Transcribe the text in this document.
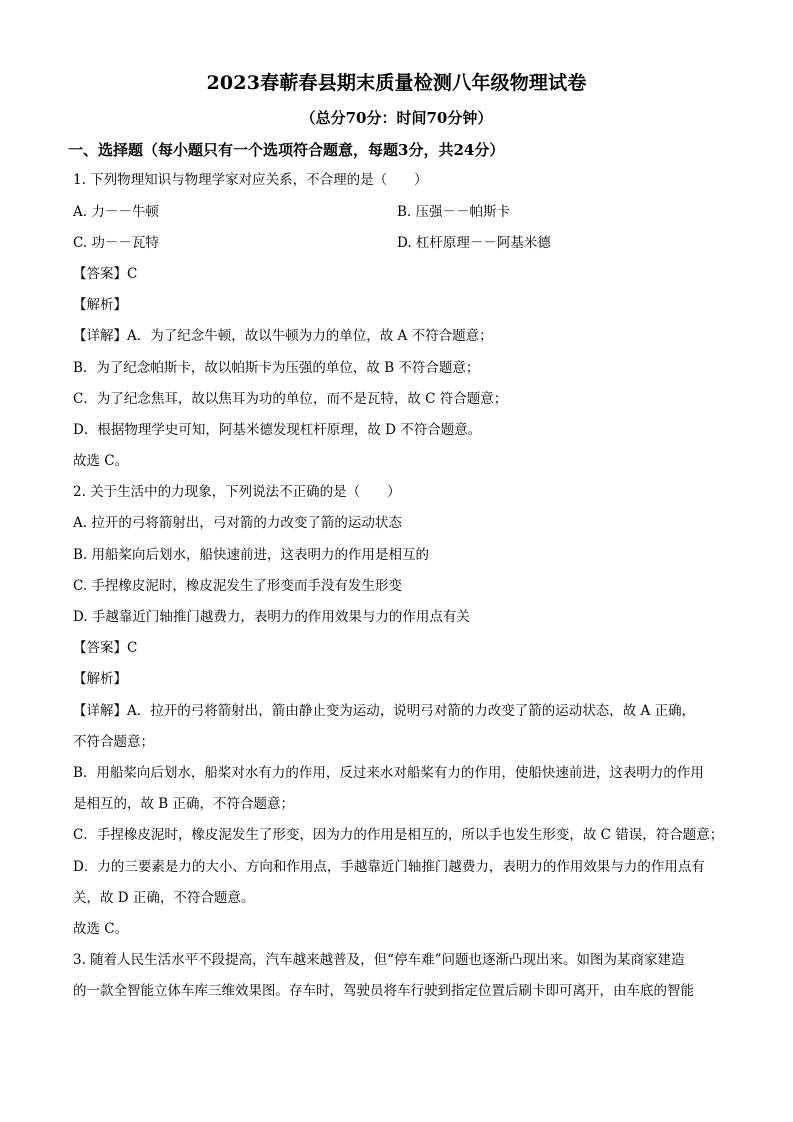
2023春蕲春县期末质量检测八年级物理试卷
（总分70分：时间70分钟）
一、选择题（每小题只有一个选项符合题意，每题3分，共24分）
1. 下列物理知识与物理学家对应关系，不合理的是（　　）
A. 力－－牛顿	B. 压强－－帕斯卡
C. 功－－瓦特	D. 杠杆原理－－阿基米德
【答案】C
【解析】
【详解】A．为了纪念牛顿，故以牛顿为力的单位，故 A 不符合题意；
B．为了纪念帕斯卡，故以帕斯卡为压强的单位，故 B 不符合题意；
C．为了纪念焦耳，故以焦耳为功的单位，而不是瓦特，故 C 符合题意；
D．根据物理学史可知，阿基米德发现杠杆原理，故 D 不符合题意。
故选 C。
2. 关于生活中的力现象，下列说法不正确的是（　　）
A. 拉开的弓将箭射出，弓对箭的力改变了箭的运动状态
B. 用船桨向后划水，船快速前进，这表明力的作用是相互的
C. 手捏橡皮泥时，橡皮泥发生了形变而手没有发生形变
D. 手越靠近门轴推门越费力，表明力的作用效果与力的作用点有关
【答案】C
【解析】
【详解】A．拉开的弓将箭射出，箭由静止变为运动，说明弓对箭的力改变了箭的运动状态，故 A 正确，
不符合题意；
B．用船桨向后划水，船桨对水有力的作用，反过来水对船桨有力的作用，使船快速前进，这表明力的作用
是相互的，故 B 正确，不符合题意；
C．手捏橡皮泥时，橡皮泥发生了形变，因为力的作用是相互的，所以手也发生形变，故 C 错误，符合题意；
D．力的三要素是力的大小、方向和作用点，手越靠近门轴推门越费力，表明力的作用效果与力的作用点有
关，故 D 正确，不符合题意。
故选 C。
3. 随着人民生活水平不段提高，汽车越来越普及，但“停车难”问题也逐渐凸现出来。如图为某商家建造
的一款全智能立体车库三维效果图。存车时，驾驶员将车行驶到指定位置后刷卡即可离开，由车底的智能
